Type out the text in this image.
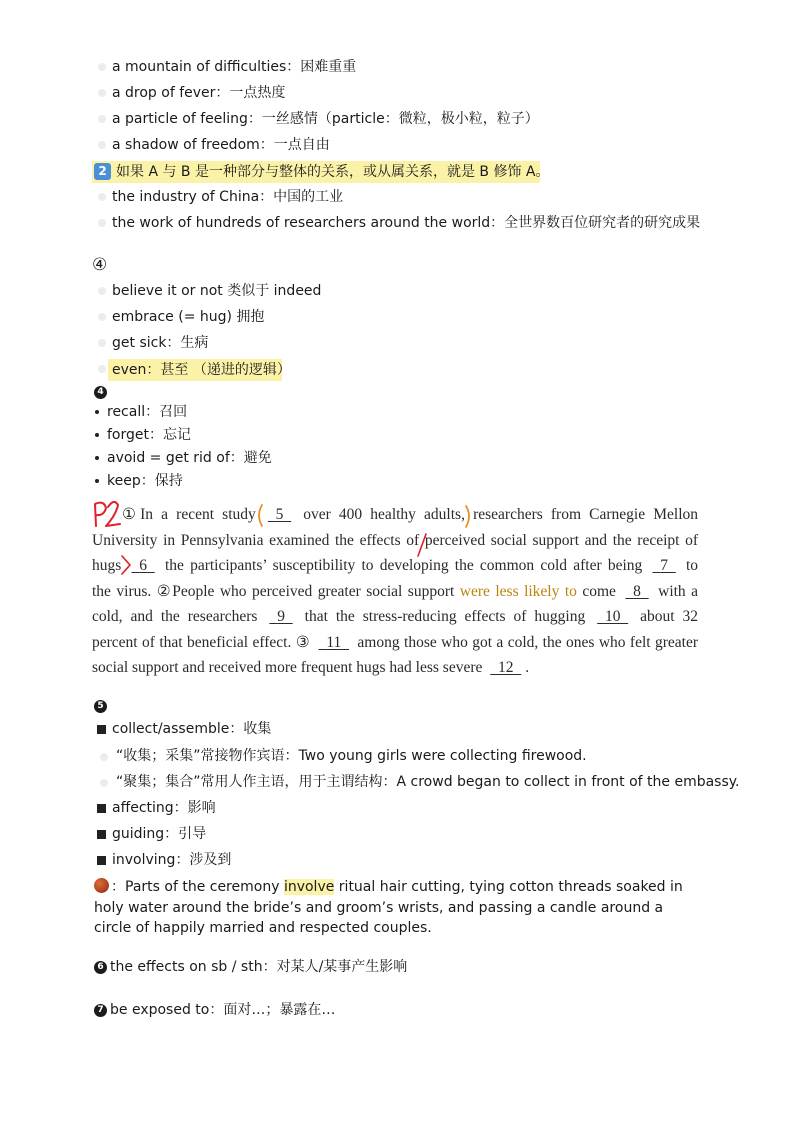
a mountain of difficulties：困难重重
a drop of fever：一点热度
a particle of feeling：一丝感情（particle：微粒，极小粒，粒子）
a shadow of freedom：一点自由
2 如果 A 与 B 是一种部分与整体的关系，或从属关系，就是 B 修饰 A。
the industry of China：中国的工业
the work of hundreds of researchers around the world：全世界数百位研究者的研究成果
④
believe it or not 类似于 indeed
embrace (= hug) 拥抱
get sick：生病
even：甚至 （递进的逻辑）
4
recall：召回
forget：忘记
avoid = get rid of：避免
keep：保持
①In a recent study 5 over 400 healthy adults, researchers from Carnegie Mellon
University in Pennsylvania examined the effects of perceived social support and the receipt of
hugs 6 the participants’ susceptibility to developing the common cold after being 7 to
the virus. ②People who perceived greater social support were less likely to come 8 with a
cold, and the researchers 9 that the stress-reducing effects of hugging 10 about 32
percent of that beneficial effect. ③ 11 among those who got a cold, the ones who felt greater
social support and received more frequent hugs had less severe 12 .
5
collect/assemble：收集
“收集；采集”常接物作宾语：Two young girls were collecting firewood.
“聚集；集合”常用人作主语，用于主谓结构：A crowd began to collect in front of the embassy.
affecting：影响
guiding：引导
involving：涉及到
：Parts of the ceremony involve ritual hair cutting, tying cotton threads soaked in holy water around the bride’s and groom’s wrists, and passing a candle around a circle of happily married and respected couples.
6 the effects on sb / sth：对某人/某事产生影响
7 be exposed to：面对…；暴露在…
